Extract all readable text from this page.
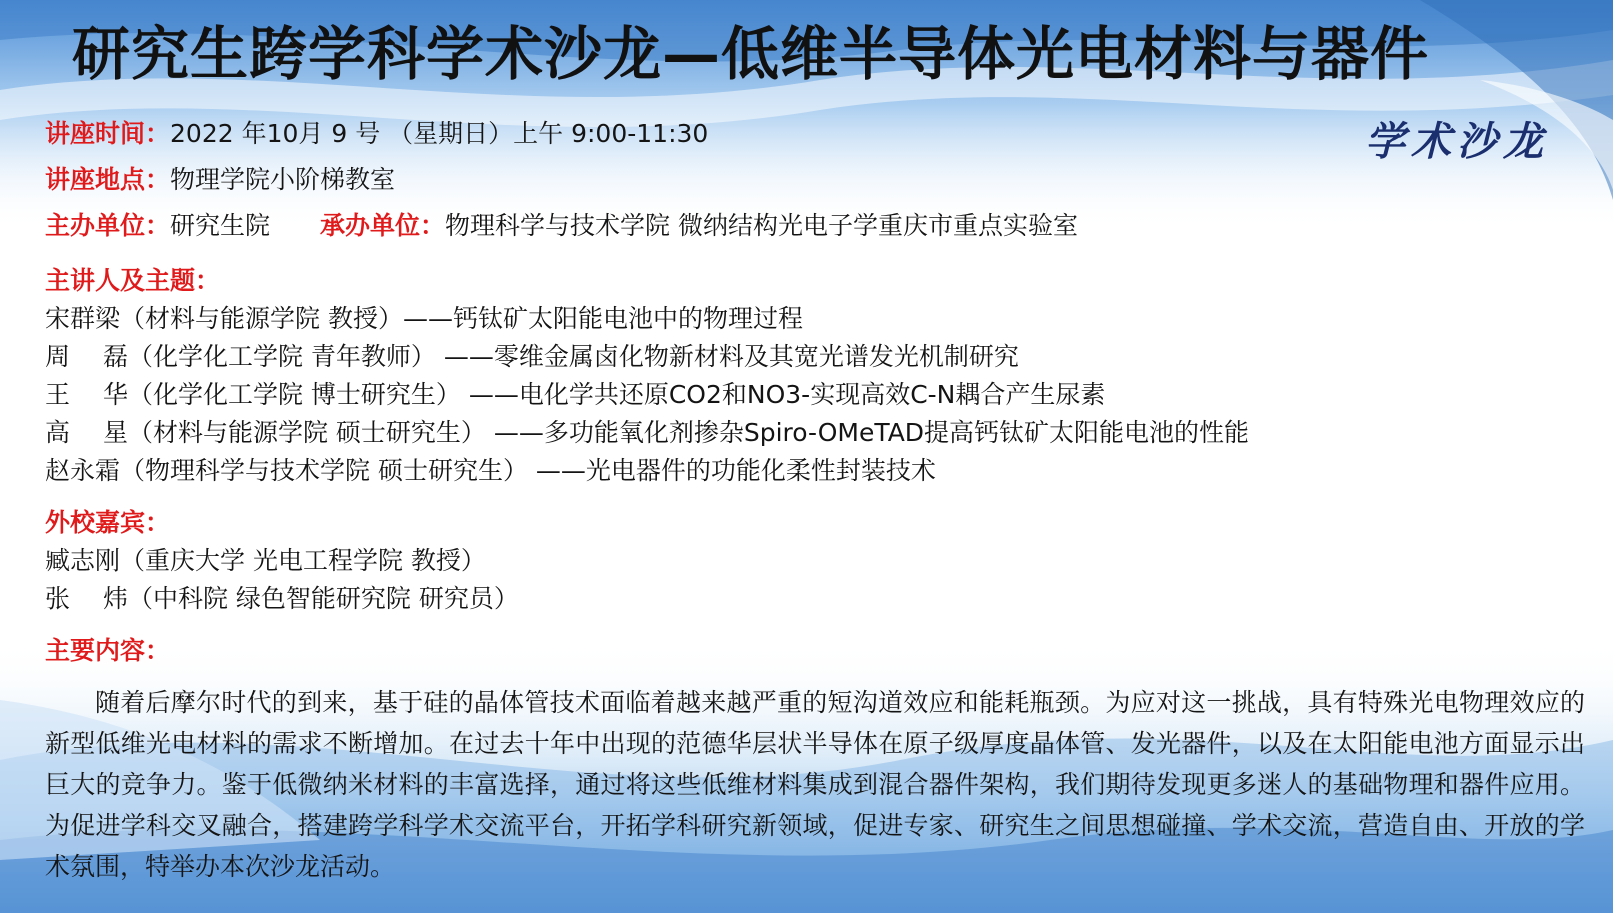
研究生跨学科学术沙龙—低维半导体光电材料与器件
学术沙龙
讲座时间：2022 年10月 9 号 （星期日）上午 9:00-11:30
讲座地点：物理学院小阶梯教室
主办单位：研究生院 承办单位：物理科学与技术学院 微纳结构光电子学重庆市重点实验室
主讲人及主题：
宋群梁（材料与能源学院 教授）——钙钛矿太阳能电池中的物理过程
周　 磊（化学化工学院 青年教师） ——零维金属卤化物新材料及其宽光谱发光机制研究
王　 华（化学化工学院 博士研究生） ——电化学共还原CO2和NO3-实现高效C-N耦合产生尿素
高　 星（材料与能源学院 硕士研究生） ——多功能氧化剂掺杂Spiro-OMeTAD提高钙钛矿太阳能电池的性能
赵永霜（物理科学与技术学院 硕士研究生） ——光电器件的功能化柔性封装技术
外校嘉宾：
臧志刚（重庆大学 光电工程学院 教授）
张　 炜（中科院 绿色智能研究院 研究员）
主要内容：
随着后摩尔时代的到来，基于硅的晶体管技术面临着越来越严重的短沟道效应和能耗瓶颈。为应对这一挑战，具有特殊光电物理效应的新型低维光电材料的需求不断增加。在过去十年中出现的范德华层状半导体在原子级厚度晶体管、发光器件，以及在太阳能电池方面显示出巨大的竞争力。鉴于低微纳米材料的丰富选择，通过将这些低维材料集成到混合器件架构，我们期待发现更多迷人的基础物理和器件应用。为促进学科交叉融合，搭建跨学科学术交流平台，开拓学科研究新领域，促进专家、研究生之间思想碰撞、学术交流，营造自由、开放的学术氛围，特举办本次沙龙活动。
